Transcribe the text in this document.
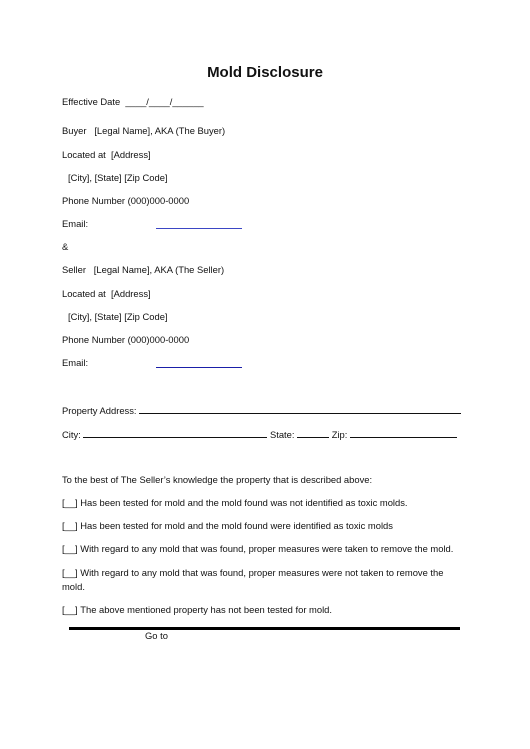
Mold Disclosure
Effective Date ____/____/______
Buyer [Legal Name], AKA (The Buyer)
Located at [Address]
[City], [State] [Zip Code]
Phone Number (000)000-0000
Email:
&
Seller [Legal Name], AKA (The Seller)
Located at [Address]
[City], [State] [Zip Code]
Phone Number (000)000-0000
Email:
Property Address:
City:	State:	Zip:
To the best of The Seller’s knowledge the property that is described above:
[__] Has been tested for mold and the mold found was not identified as toxic molds.
[__] Has been tested for mold and the mold found were identified as toxic molds
[__] With regard to any mold that was found, proper measures were taken to remove the mold.
[__] With regard to any mold that was found, proper measures were not taken to remove the
mold.
[__] The above mentioned property has not been tested for mold.
Go to
